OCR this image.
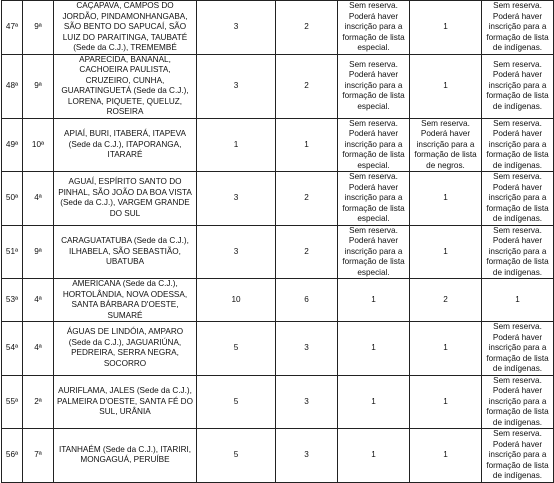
47ª	9ª	CAÇAPAVA, CAMPOS DO JORDÃO, PINDAMONHANGABA, SÃO BENTO DO SAPUCAÍ, SÃO LUIZ DO PARAITINGA, TAUBATÉ (Sede da C.J.), TREMEMBÉ	3	2	Sem reserva. Poderá haver inscrição para a formação de lista especial.	1	Sem reserva. Poderá haver inscrição para a formação de lista de indígenas.
48ª	9ª	APARECIDA, BANANAL, CACHOEIRA PAULISTA, CRUZEIRO, CUNHA, GUARATINGUETÁ (Sede da C.J.), LORENA, PIQUETE, QUELUZ, ROSEIRA	3	2	Sem reserva. Poderá haver inscrição para a formação de lista especial.	1	Sem reserva. Poderá haver inscrição para a formação de lista de indígenas.
49ª	10ª	APIAÍ, BURI, ITABERÁ, ITAPEVA (Sede da C.J.), ITAPORANGA, ITARARÉ	1	1	Sem reserva. Poderá haver inscrição para a formação de lista especial.	Sem reserva. Poderá haver inscrição para a formação de lista de negros.	Sem reserva. Poderá haver inscrição para a formação de lista de indígenas.
50ª	4ª	AGUAÍ, ESPÍRITO SANTO DO PINHAL, SÃO JOÃO DA BOA VISTA (Sede da C.J.), VARGEM GRANDE DO SUL	3	2	Sem reserva. Poderá haver inscrição para a formação de lista especial.	1	Sem reserva. Poderá haver inscrição para a formação de lista de indígenas.
51ª	9ª	CARAGUATATUBA (Sede da C.J.), ILHABELA, SÃO SEBASTIÃO, UBATUBA	3	2	Sem reserva. Poderá haver inscrição para a formação de lista especial.	1	Sem reserva. Poderá haver inscrição para a formação de lista de indígenas.
53ª	4ª	AMERICANA (Sede da C.J.), HORTOLÂNDIA, NOVA ODESSA, SANTA BÁRBARA D'OESTE, SUMARÉ	10	6	1	2	1
54ª	4ª	ÁGUAS DE LINDÓIA, AMPARO (Sede da C.J.), JAGUARIÚNA, PEDREIRA, SERRA NEGRA, SOCORRO	5	3	1	1	Sem reserva. Poderá haver inscrição para a formação de lista de indígenas.
55ª	2ª	AURIFLAMA, JALES (Sede da C.J.), PALMEIRA D'OESTE, SANTA FÉ DO SUL, URÂNIA	5	3	1	1	Sem reserva. Poderá haver inscrição para a formação de lista de indígenas.
56ª	7ª	ITANHAÉM (Sede da C.J.), ITARIRI, MONGAGUÁ, PERUÍBE	5	3	1	1	Sem reserva. Poderá haver inscrição para a formação de lista de indígenas.
